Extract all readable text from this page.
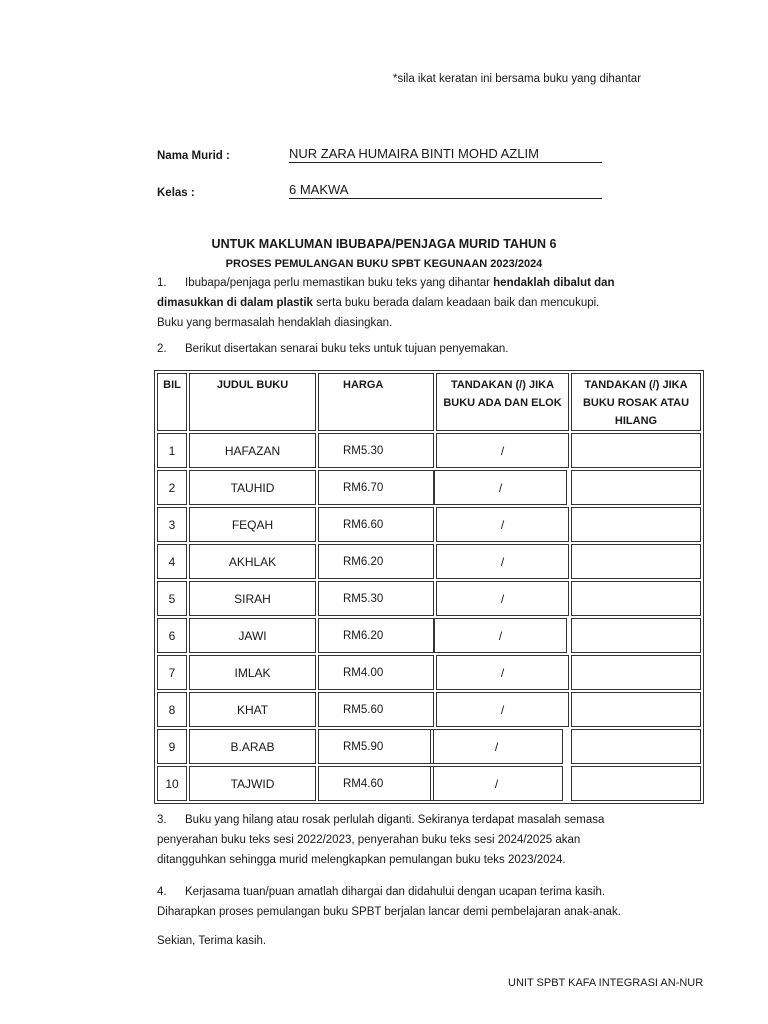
*sila ikat keratan ini bersama buku yang dihantar
Nama Murid :	NUR ZARA HUMAIRA BINTI MOHD AZLIM
Kelas :	6 MAKWA
UNTUK MAKLUMAN IBUBAPA/PENJAGA MURID TAHUN 6
PROSES PEMULANGAN BUKU SPBT KEGUNAAN 2023/2024
1. Ibubapa/penjaga perlu memastikan buku teks yang dihantar hendaklah dibalut dan dimasukkan di dalam plastik serta buku berada dalam keadaan baik dan mencukupi. Buku yang bermasalah hendaklah diasingkan.
2. Berikut disertakan senarai buku teks untuk tujuan penyemakan.
BIL	JUDUL BUKU	HARGA	TANDAKAN (/) JIKA BUKU ADA DAN ELOK	TANDAKAN (/) JIKA BUKU ROSAK ATAU HILANG
1	HAFAZAN	RM5.30	/	
2	TAUHID	RM6.70	/	
3	FEQAH	RM6.60	/	
4	AKHLAK	RM6.20	/	
5	SIRAH	RM5.30	/	
6	JAWI	RM6.20	/	
7	IMLAK	RM4.00	/	
8	KHAT	RM5.60	/	
9	B.ARAB	RM5.90	/	
10	TAJWID	RM4.60	/	
3. Buku yang hilang atau rosak perlulah diganti. Sekiranya terdapat masalah semasa penyerahan buku teks sesi 2022/2023, penyerahan buku teks sesi 2024/2025 akan ditangguhkan sehingga murid melengkapkan pemulangan buku teks 2023/2024.
4. Kerjasama tuan/puan amatlah dihargai dan didahului dengan ucapan terima kasih. Diharapkan proses pemulangan buku SPBT berjalan lancar demi pembelajaran anak-anak.
Sekian, Terima kasih.
UNIT SPBT KAFA INTEGRASI AN-NUR
